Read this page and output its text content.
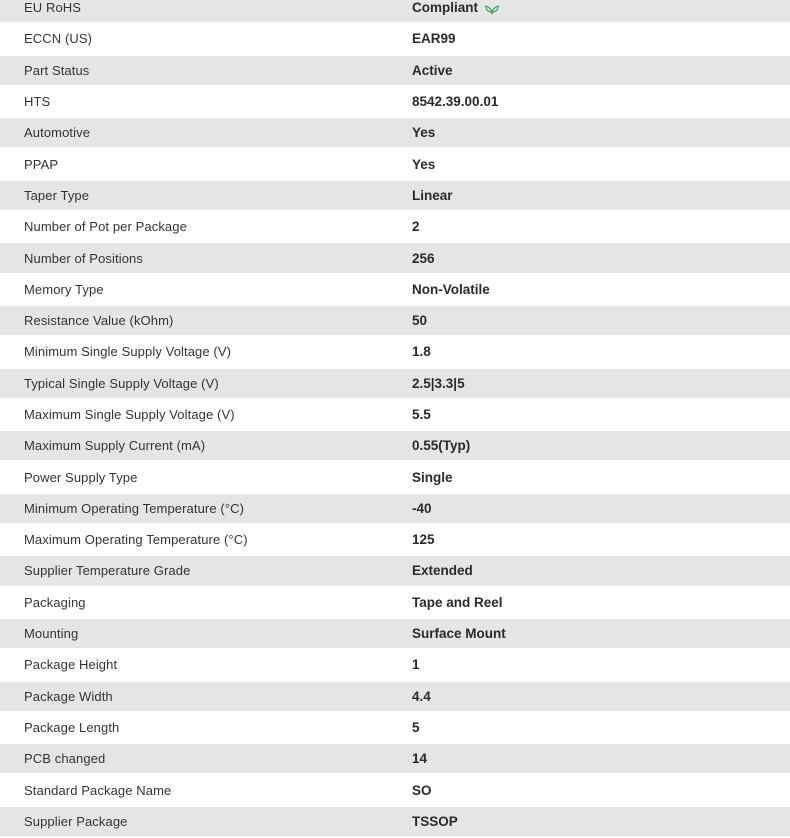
EU RoHS	Compliant
ECCN (US)	EAR99
Part Status	Active
HTS	8542.39.00.01
Automotive	Yes
PPAP	Yes
Taper Type	Linear
Number of Pot per Package	2
Number of Positions	256
Memory Type	Non-Volatile
Resistance Value (kOhm)	50
Minimum Single Supply Voltage (V)	1.8
Typical Single Supply Voltage (V)	2.5|3.3|5
Maximum Single Supply Voltage (V)	5.5
Maximum Supply Current (mA)	0.55(Typ)
Power Supply Type	Single
Minimum Operating Temperature (°C)	-40
Maximum Operating Temperature (°C)	125
Supplier Temperature Grade	Extended
Packaging	Tape and Reel
Mounting	Surface Mount
Package Height	1
Package Width	4.4
Package Length	5
PCB changed	14
Standard Package Name	SO
Supplier Package	TSSOP
